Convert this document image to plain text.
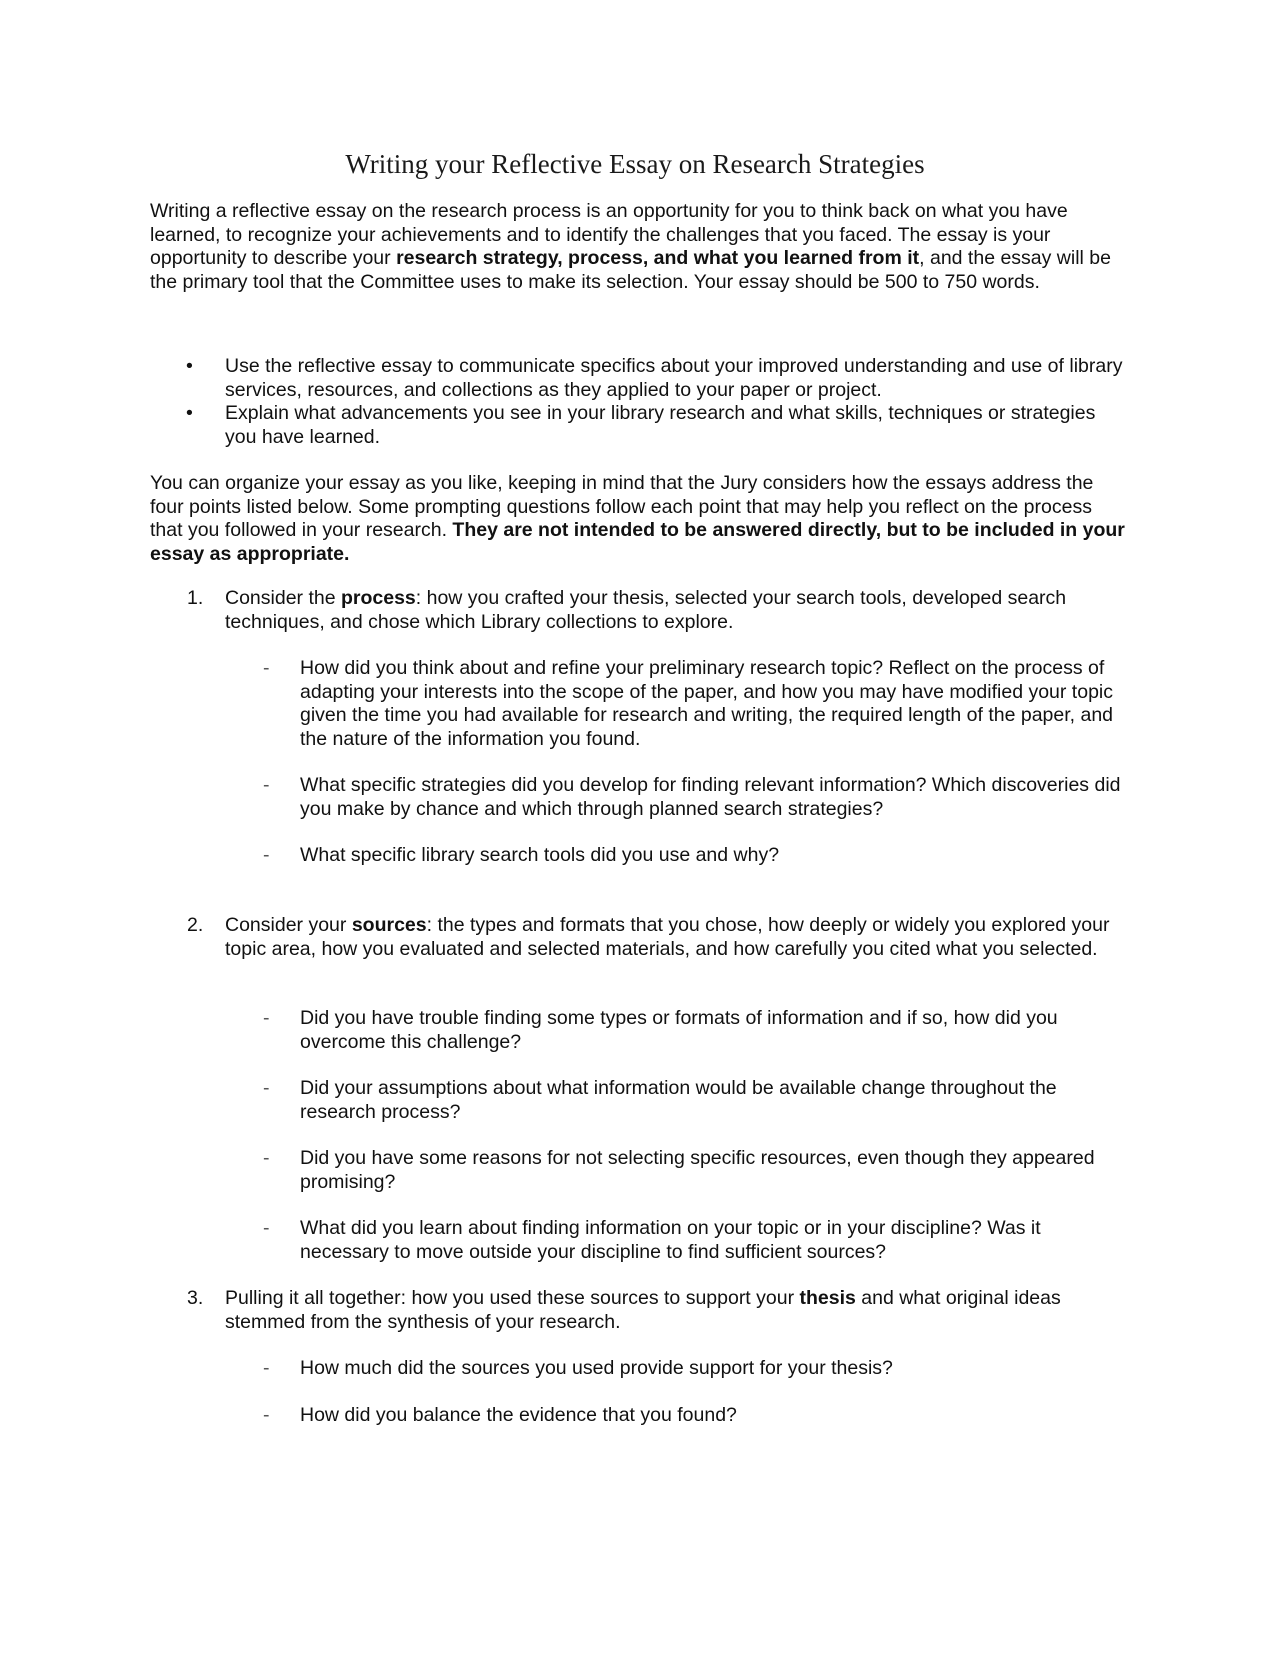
Writing your Reflective Essay on Research Strategies

Writing a reflective essay on the research process is an opportunity for you to think back on what you have learned, to recognize your achievements and to identify the challenges that you faced. The essay is your opportunity to describe your research strategy, process, and what you learned from it, and the essay will be the primary tool that the Committee uses to make its selection. Your essay should be 500 to 750 words.

• Use the reflective essay to communicate specifics about your improved understanding and use of library services, resources, and collections as they applied to your paper or project.
• Explain what advancements you see in your library research and what skills, techniques or strategies you have learned.

You can organize your essay as you like, keeping in mind that the Jury considers how the essays address the four points listed below. Some prompting questions follow each point that may help you reflect on the process that you followed in your research. They are not intended to be answered directly, but to be included in your essay as appropriate.

1. Consider the process: how you crafted your thesis, selected your search tools, developed search techniques, and chose which Library collections to explore.
- How did you think about and refine your preliminary research topic? Reflect on the process of adapting your interests into the scope of the paper, and how you may have modified your topic given the time you had available for research and writing, the required length of the paper, and the nature of the information you found.
- What specific strategies did you develop for finding relevant information? Which discoveries did you make by chance and which through planned search strategies?
- What specific library search tools did you use and why?
2. Consider your sources: the types and formats that you chose, how deeply or widely you explored your topic area, how you evaluated and selected materials, and how carefully you cited what you selected.
- Did you have trouble finding some types or formats of information and if so, how did you overcome this challenge?
- Did your assumptions about what information would be available change throughout the research process?
- Did you have some reasons for not selecting specific resources, even though they appeared promising?
- What did you learn about finding information on your topic or in your discipline? Was it necessary to move outside your discipline to find sufficient sources?
3. Pulling it all together: how you used these sources to support your thesis and what original ideas stemmed from the synthesis of your research.
- How much did the sources you used provide support for your thesis?
- How did you balance the evidence that you found?
